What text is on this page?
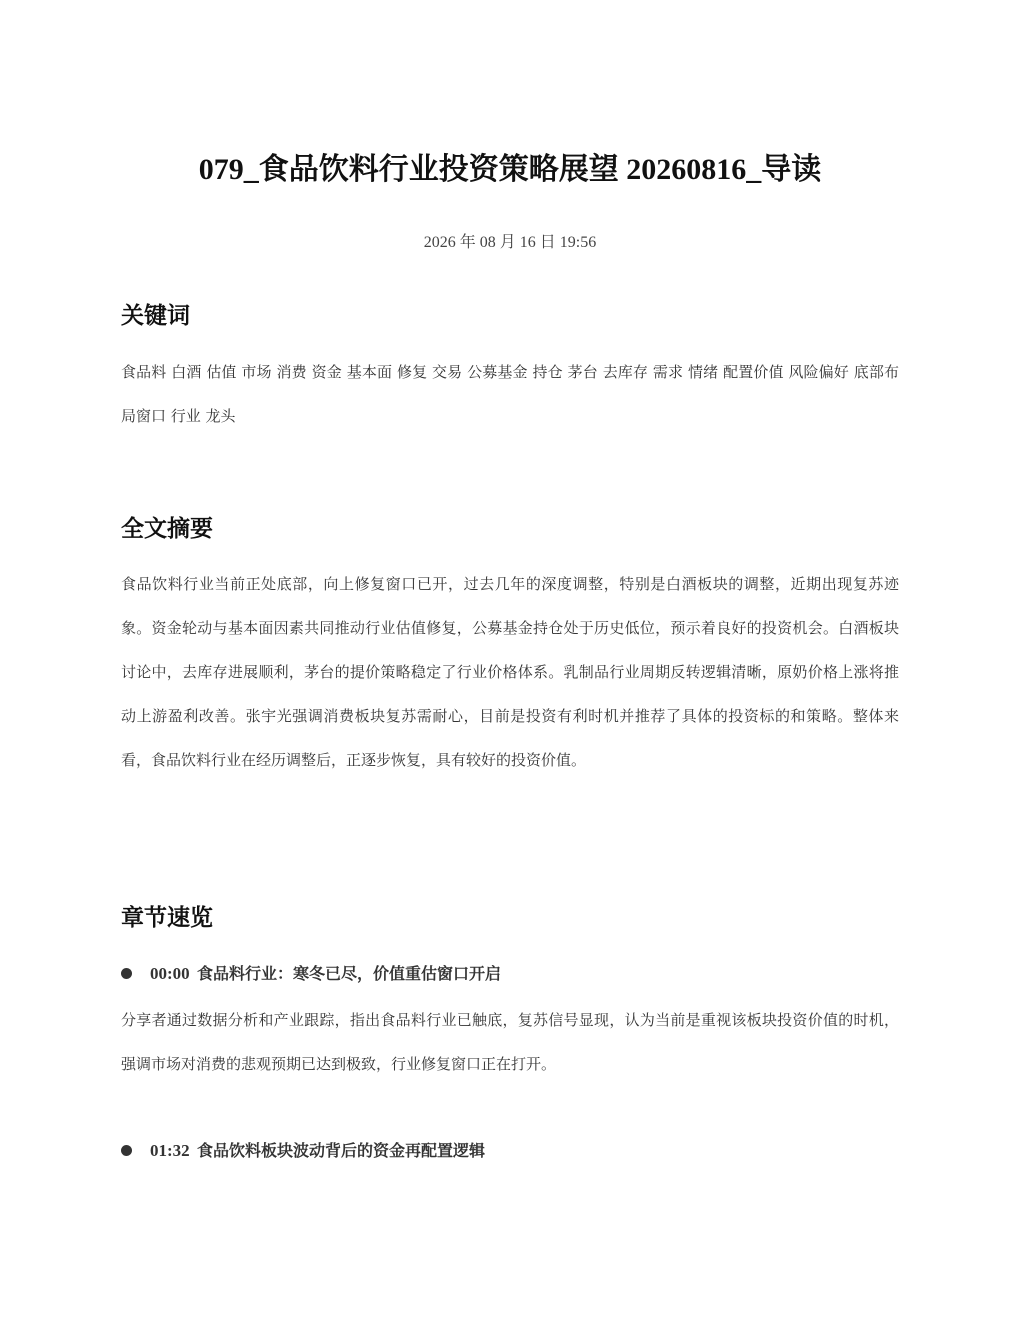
079_食品饮料行业投资策略展望 20260816_导读
2026 年 08 月 16 日 19:56
关键词

食品料 白酒 估值 市场 消费 资金 基本面 修复 交易 公募基金 持仓 茅台 去库存 需求 情绪 配置价值 风险偏好 底部布局窗口 行业 龙头

全文摘要

食品饮料行业当前正处底部，向上修复窗口已开，过去几年的深度调整，特别是白酒板块的调整，近期出现复苏迹象。资金轮动与基本面因素共同推动行业估值修复，公募基金持仓处于历史低位，预示着良好的投资机会。白酒板块讨论中，去库存进展顺利，茅台的提价策略稳定了行业价格体系。乳制品行业周期反转逻辑清晰，原奶价格上涨将推动上游盈利改善。张宇光强调消费板块复苏需耐心，目前是投资有利时机并推荐了具体的投资标的和策略。整体来看，食品饮料行业在经历调整后，正逐步恢复，具有较好的投资价值。

章节速览
00:00 食品料行业：寒冬已尽，价值重估窗口开启

分享者通过数据分析和产业跟踪，指出食品料行业已触底，复苏信号显现，认为当前是重视该板块投资价值的时机，强调市场对消费的悲观预期已达到极致，行业修复窗口正在打开。

01:32 食品饮料板块波动背后的资金再配置逻辑
